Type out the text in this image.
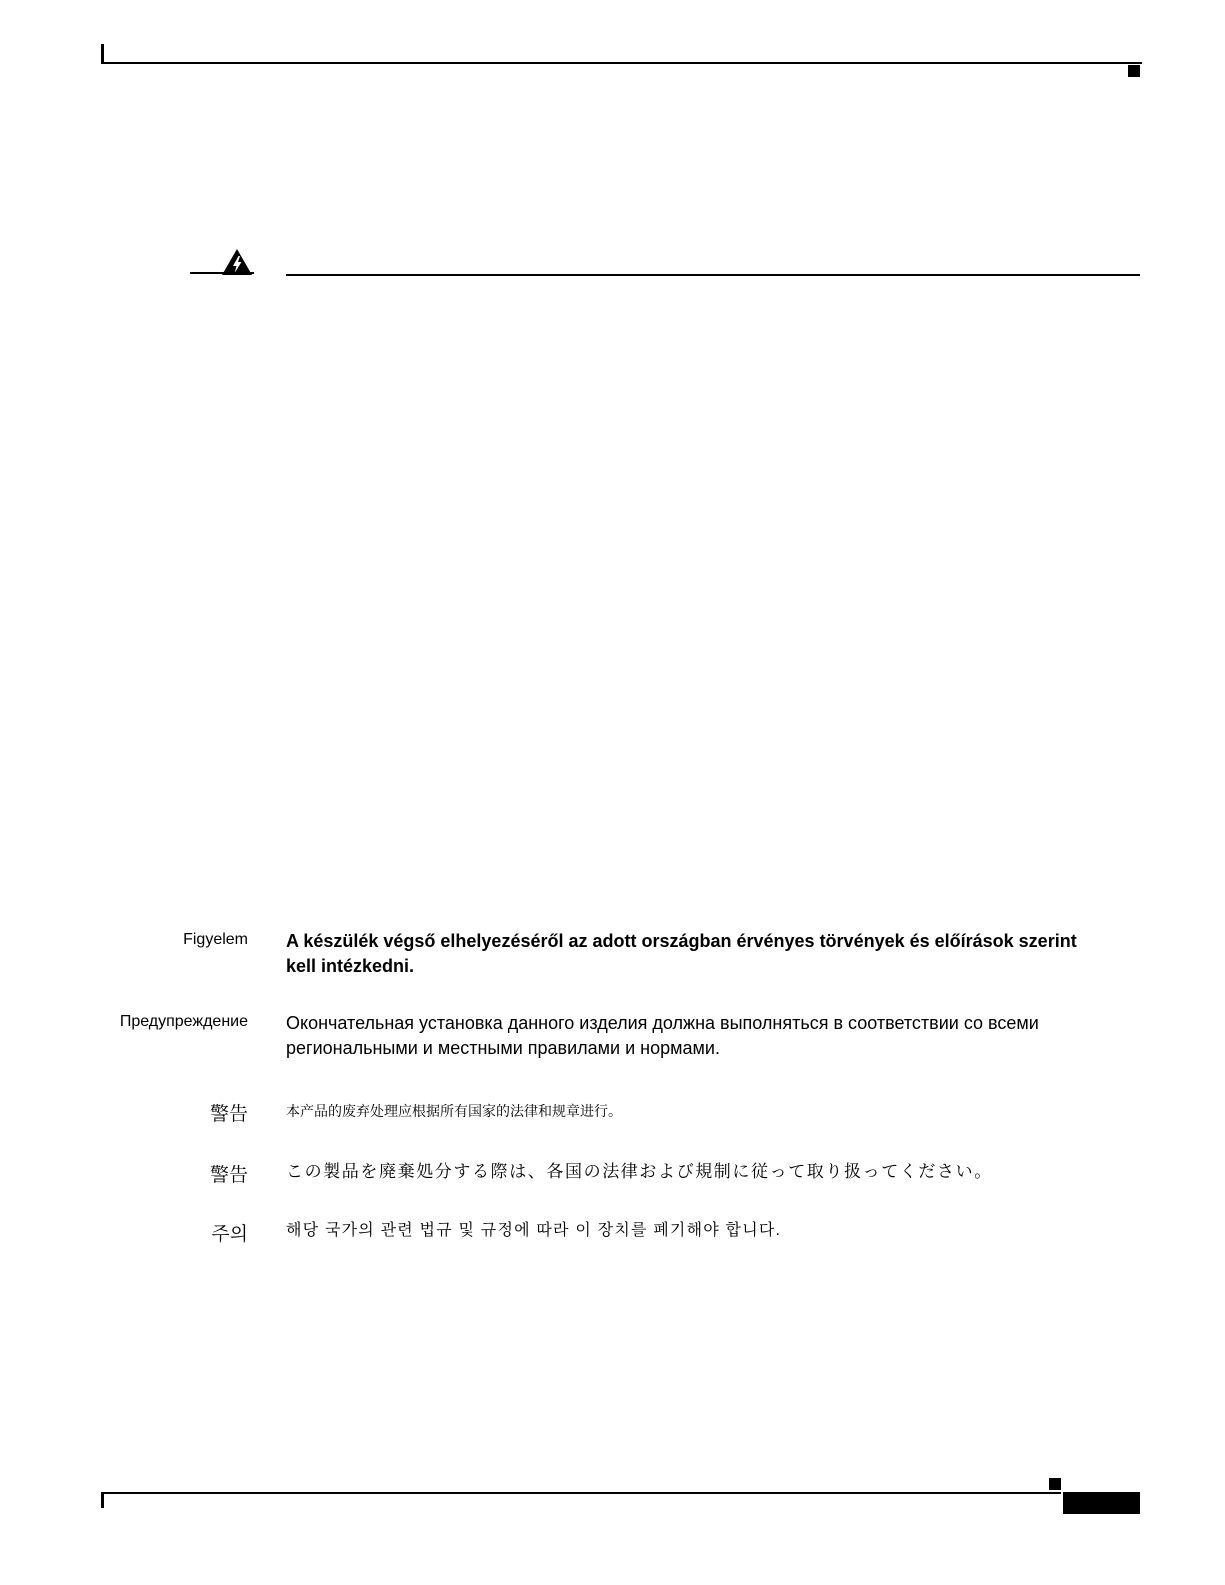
Figyelem A készülék végső elhelyezéséről az adott országban érvényes törvények és előírások szerint kell intézkedni.
Предупреждение Окончательная установка данного изделия должна выполняться в соответствии со всеми региональными и местными правилами и нормами.
警告	本产品的废弃处理应根据所有国家的法律和规章进行。
警告 この製品を廃棄処分する際は、各国の法律および規制に従って取り扱ってください。
주의 해당 국가의 관련 법규 및 규정에 따라 이 장치를 폐기해야 합니다.
